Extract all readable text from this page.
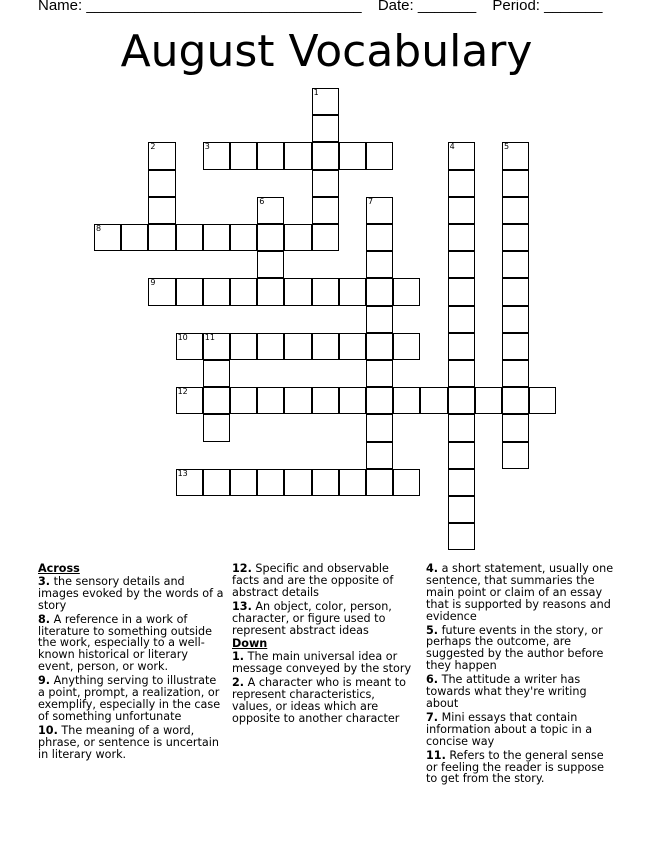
Name: _________________________________ Date: _______ Period: _______
August Vocabulary
1
2	3	4	5
6	7
8
9
10 11
12
13
Across
3. the sensory details and images evoked by the words of a story
8. A reference in a work of literature to something outside the work, especially to a well-known historical or literary event, person, or work.
9. Anything serving to illustrate a point, prompt, a realization, or exemplify, especially in the case of something unfortunate
10. The meaning of a word, phrase, or sentence is uncertain in literary work.
12. Specific and observable facts and are the opposite of abstract details
13. An object, color, person, character, or figure used to represent abstract ideas
Down
1. The main universal idea or message conveyed by the story
2. A character who is meant to represent characteristics, values, or ideas which are opposite to another character
4. a short statement, usually one sentence, that summaries the main point or claim of an essay that is supported by reasons and evidence
5. future events in the story, or perhaps the outcome, are suggested by the author before they happen
6. The attitude a writer has towards what they're writing about
7. Mini essays that contain information about a topic in a concise way
11. Refers to the general sense or feeling the reader is suppose to get from the story.
